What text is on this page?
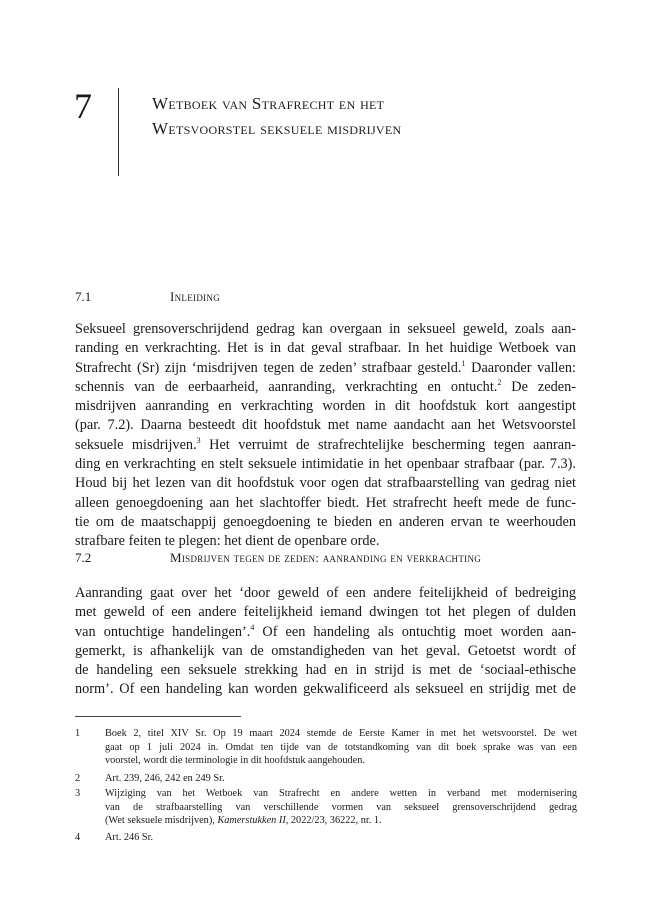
7	Wetboek van Strafrecht en het
Wetsvoorstel seksuele misdrijven
7.1	Inleiding
Seksueel grensoverschrijdend gedrag kan overgaan in seksueel geweld, zoals aan-
randing en verkrachting. Het is in dat geval strafbaar. In het huidige Wetboek van
Strafrecht (Sr) zijn ‘misdrijven tegen de zeden’ strafbaar gesteld.$^1$ Daaronder vallen:
schennis van de eerbaarheid, aanranding, verkrachting en ontucht.$^2$ De zeden-
misdrijven aanranding en verkrachting worden in dit hoofdstuk kort aangestipt
(par. 7.2). Daarna besteedt dit hoofdstuk met name aandacht aan het Wetsvoorstel
seksuele misdrijven.$^3$ Het verruimt de strafrechtelijke bescherming tegen aanran-
ding en verkrachting en stelt seksuele intimidatie in het openbaar strafbaar (par. 7.3).
Houd bij het lezen van dit hoofdstuk voor ogen dat strafbaarstelling van gedrag niet
alleen genoegdoening aan het slachtoffer biedt. Het strafrecht heeft mede de func-
tie om de maatschappij genoegdoening te bieden en anderen ervan te weerhouden
strafbare feiten te plegen: het dient de openbare orde.
7.2	Misdrijven tegen de zeden: aanranding en verkrachting
Aanranding gaat over het ‘door geweld of een andere feitelijkheid of bedreiging
met geweld of een andere feitelijkheid iemand dwingen tot het plegen of dulden
van ontuchtige handelingen’.$^4$ Of een handeling als ontuchtig moet worden aan-
gemerkt, is afhankelijk van de omstandigheden van het geval. Getoetst wordt of
de handeling een seksuele strekking had en in strijd is met de ‘sociaal-ethische
norm’. Of een handeling kan worden gekwalificeerd als seksueel en strijdig met de
1 Boek 2, titel XIV Sr. Op 19 maart 2024 stemde de Eerste Kamer in met het wetsvoorstel. De wet
gaat op 1 juli 2024 in. Omdat ten tijde van de totstandkoming van dit boek sprake was van een
voorstel, wordt die terminologie in dit hoofdstuk aangehouden.
2 Art. 239, 246, 242 en 249 Sr.
3 Wijziging van het Wetboek van Strafrecht en andere wetten in verband met modernisering
van de strafbaarstelling van verschillende vormen van seksueel grensoverschrijdend gedrag
(Wet seksuele misdrijven), Kamerstukken II, 2022/23, 36222, nr. 1.
4 Art. 246 Sr.
